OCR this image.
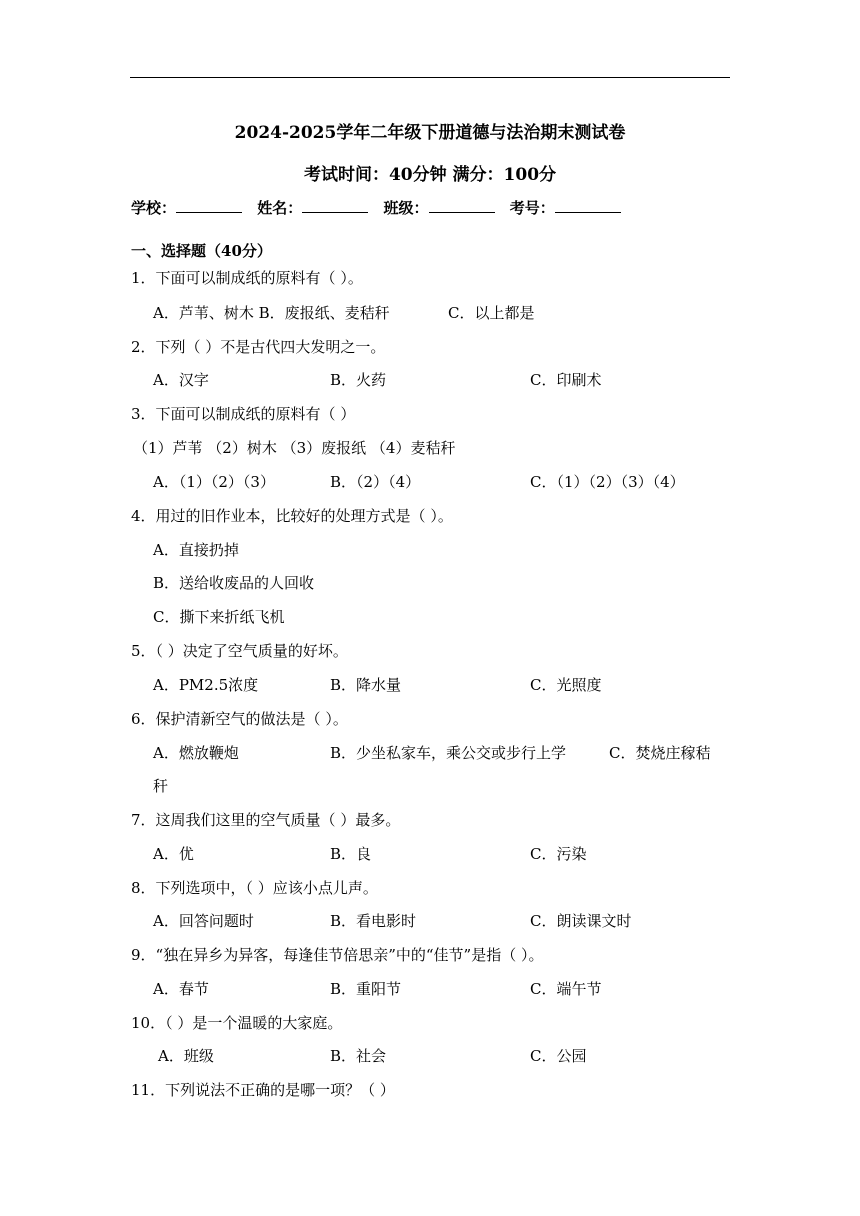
2024-2025学年二年级下册道德与法治期末测试卷
考试时间：40分钟 满分：100分
学校：	姓名：	班级：	考号：
一、选择题（40分）
1．下面可以制成纸的原料有（ ）。
A．芦苇、树木 B．废报纸、麦秸秆	C．以上都是
2．下列（ ）不是古代四大发明之一。
A．汉字	B．火药	C．印刷术
3．下面可以制成纸的原料有（ ）
（1）芦苇 （2）树木 （3）废报纸 （4）麦秸秆
A．（1）（2）（3）	B．（2）（4）	C．（1）（2）（3）（4）
4．用过的旧作业本，比较好的处理方式是（ ）。
A．直接扔掉
B．送给收废品的人回收
C．撕下来折纸飞机
5．（ ）决定了空气质量的好坏。
A．PM2.5浓度	B．降水量	C．光照度
6．保护清新空气的做法是（ ）。
A．燃放鞭炮	B．少坐私家车，乘公交或步行上学	C．焚烧庄稼秸
秆
7．这周我们这里的空气质量（ ）最多。
A．优	B．良	C．污染
8．下列选项中，（ ）应该小点儿声。
A．回答问题时	B．看电影时	C．朗读课文时
9．“独在异乡为异客，每逢佳节倍思亲”中的“佳节”是指（ ）。
A．春节	B．重阳节	C．端午节
10．（ ）是一个温暖的大家庭。
A．班级	B．社会	C．公园
11．下列说法不正确的是哪一项？（ ）
